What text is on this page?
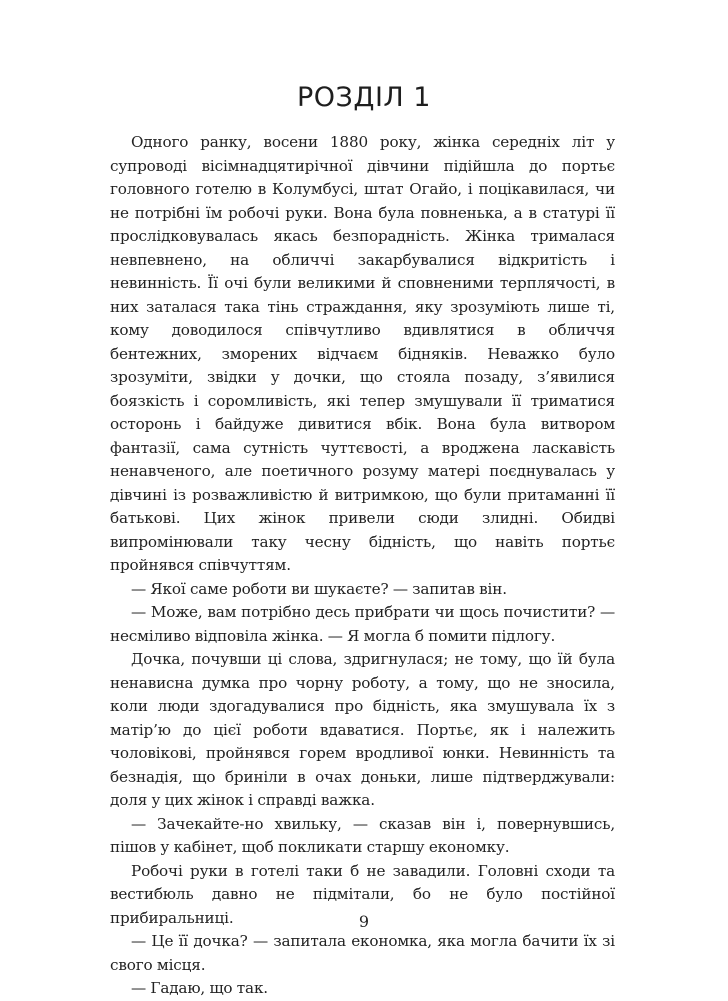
РОЗДІЛ 1

Одного ранку, восени 1880 року, жінка середніх літ у супроводі вісімнадцятирічної дівчини підійшла до портьє головного готелю в Колумбусі, штат Огайо, і поцікавилася, чи не потрібні їм робочі руки. Вона була повненька, а в статурі її прослідковувалась якась безпорадність. Жінка трималася невпевнено, на обличчі закарбувалися відкритість і невинність. Її очі були великими й сповненими терплячості, в них заталася така тінь страждання, яку зрозуміють лише ті, кому доводилося співчутливо вдивлятися в обличчя бентежних, зморених відчаєм бідняків. Неважко було зрозуміти, звідки у дочки, що стояла позаду, з’явилися боязкість і соромливість, які тепер змушували її триматися осторонь і байдуже дивитися вбік. Вона була витвором фантазії, сама сутність чуттєвості, а вроджена ласкавість ненавченого, але поетичного розуму матері поєднувалась у дівчині із розважливістю й витримкою, що були притаманні її батькові. Цих жінок привели сюди злидні. Обидві випромінювали таку чесну бідність, що навіть портьє пройнявся співчуттям.

— Якої саме роботи ви шукаєте? — запитав він.

— Може, вам потрібно десь прибрати чи щось почистити? — несміливо відповіла жінка. — Я могла б помити підлогу.

Дочка, почувши ці слова, здригнулася; не тому, що їй була ненависна думка про чорну роботу, а тому, що не зносила, коли люди здогадувалися про бідність, яка змушувала їх з матір’ю до цієї роботи вдаватися. Портьє, як і належить чоловікові, пройнявся горем вродливої юнки. Невинність та безнадія, що бриніли в очах доньки, лише підтверджували: доля у цих жінок і справді важка.

— Зачекайте-но хвильку, — сказав він і, повернувшись, пішов у кабінет, щоб покликати старшу економку.

Робочі руки в готелі таки б не завадили. Головні сходи та вестибюль давно не підмітали, бо не було постійної прибиральниці.

— Це її дочка? — запитала економка, яка могла бачити їх зі свого місця.

— Гадаю, що так.

9
